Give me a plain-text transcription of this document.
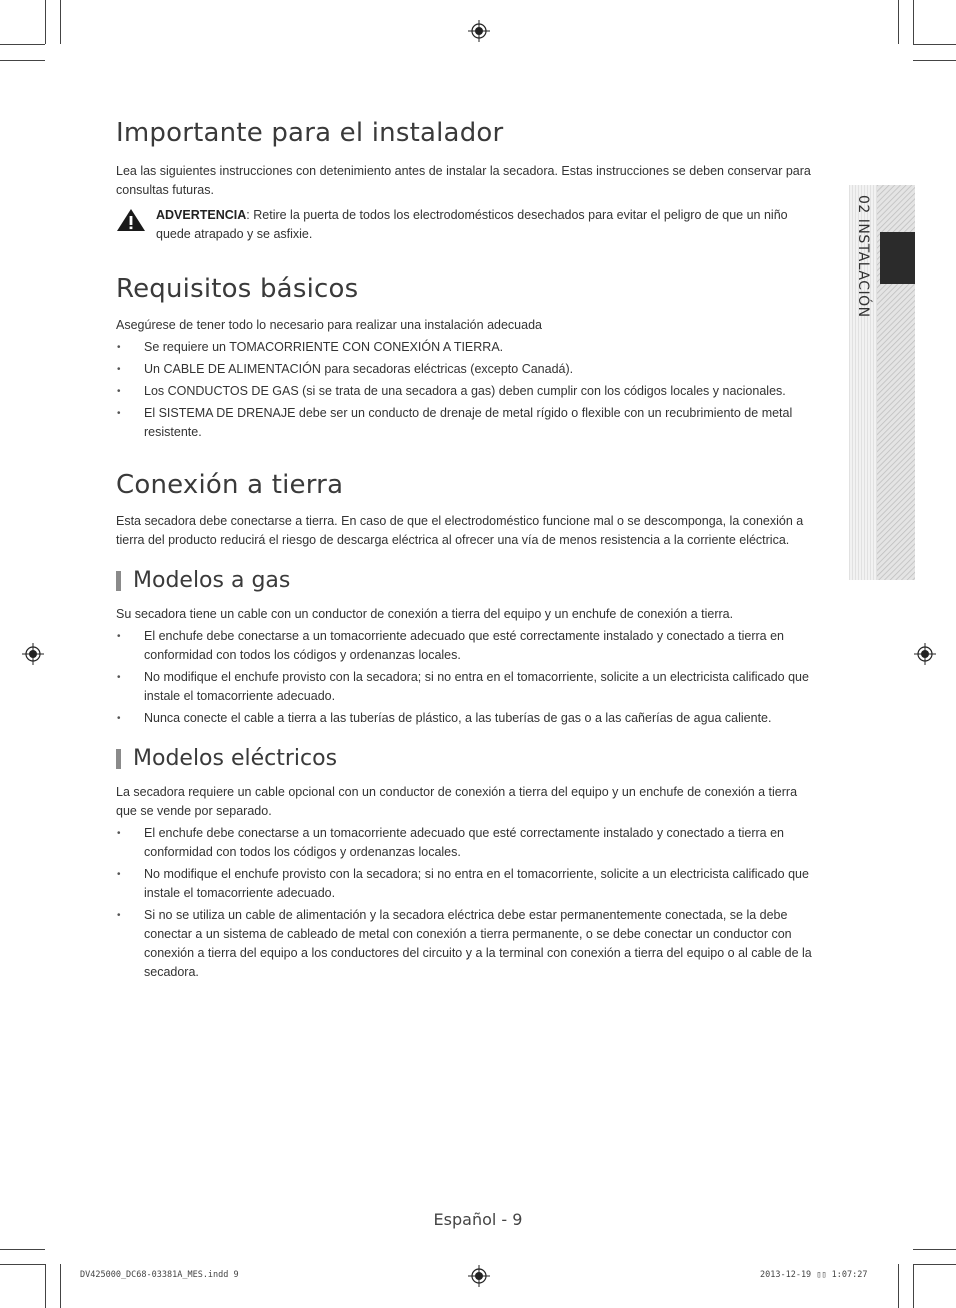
02 INSTALACIÓN
Importante para el instalador

Lea las siguientes instrucciones con detenimiento antes de instalar la secadora. Estas instrucciones se deben conservar para consultas futuras.

ADVERTENCIA: Retire la puerta de todos los electrodomésticos desechados para evitar el peligro de que un niño quede atrapado y se asfixie.
Requisitos básicos

Asegúrese de tener todo lo necesario para realizar una instalación adecuada

• Se requiere un TOMACORRIENTE CON CONEXIÓN A TIERRA.
• Un CABLE DE ALIMENTACIÓN para secadoras eléctricas (excepto Canadá).
• Los CONDUCTOS DE GAS (si se trata de una secadora a gas) deben cumplir con los códigos locales y nacionales.
• El SISTEMA DE DRENAJE debe ser un conducto de drenaje de metal rígido o flexible con un recubrimiento de metal resistente.
Conexión a tierra

Esta secadora debe conectarse a tierra. En caso de que el electrodoméstico funcione mal o se descomponga, la conexión a tierra del producto reducirá el riesgo de descarga eléctrica al ofrecer una vía de menos resistencia a la corriente eléctrica.

Modelos a gas

Su secadora tiene un cable con un conductor de conexión a tierra del equipo y un enchufe de conexión a tierra.

• El enchufe debe conectarse a un tomacorriente adecuado que esté correctamente instalado y conectado a tierra en conformidad con todos los códigos y ordenanzas locales.
• No modifique el enchufe provisto con la secadora; si no entra en el tomacorriente, solicite a un electricista calificado que instale el tomacorriente adecuado.
• Nunca conecte el cable a tierra a las tuberías de plástico, a las tuberías de gas o a las cañerías de agua caliente.
Modelos eléctricos

La secadora requiere un cable opcional con un conductor de conexión a tierra del equipo y un enchufe de conexión a tierra que se vende por separado.

• El enchufe debe conectarse a un tomacorriente adecuado que esté correctamente instalado y conectado a tierra en conformidad con todos los códigos y ordenanzas locales.
• No modifique el enchufe provisto con la secadora; si no entra en el tomacorriente, solicite a un electricista calificado que instale el tomacorriente adecuado.
• Si no se utiliza un cable de alimentación y la secadora eléctrica debe estar permanentemente conectada, se la debe conectar a un sistema de cableado de metal con conexión a tierra permanente, o se debe conectar un conductor con conexión a tierra del equipo a los conductores del circuito y a la terminal con conexión a tierra del equipo o al cable de la secadora.
Español - 9
DV425000_DC68-03381A_MES.indd 9	2013-12-19 ▯▯ 1:07:27
